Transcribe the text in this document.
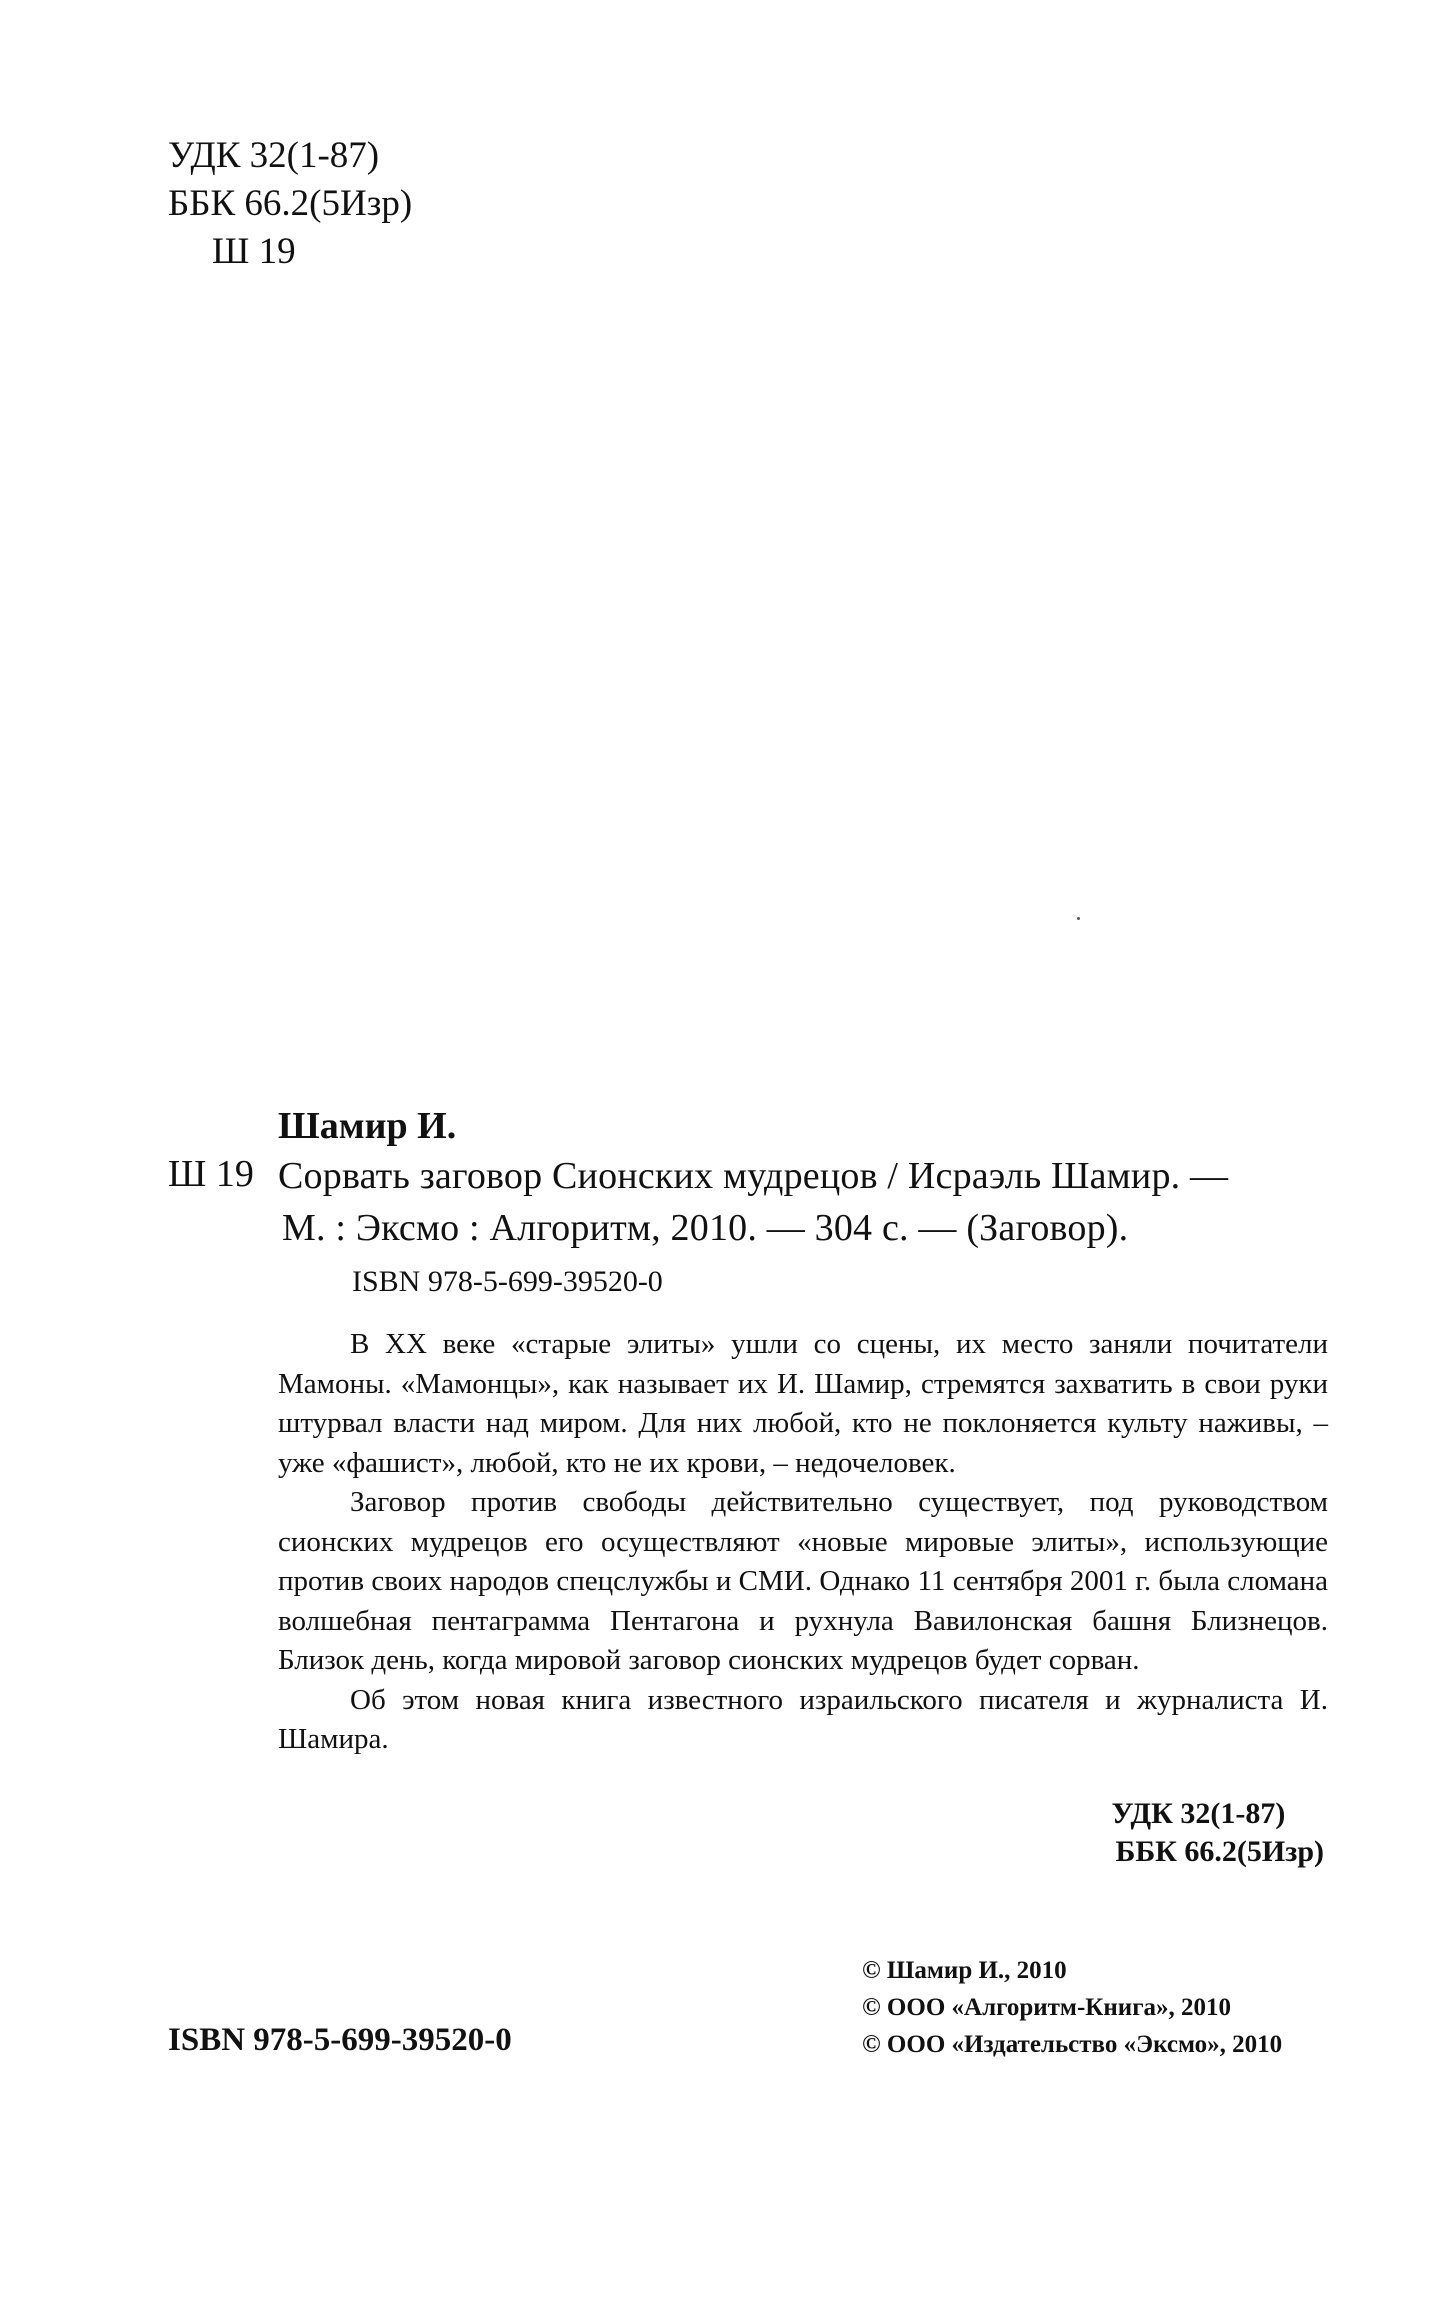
УДК 32(1-87)
ББК 66.2(5Изр)
Ш 19
Шамир И.
Ш 19 Сорвать заговор Сионских мудрецов / Исраэль Шамир. —
М. : Эксмо : Алгоритм, 2010. — 304 с. — (Заговор).
ISBN 978-5-699-39520-0

В XX веке «старые элиты» ушли со сцены, их место заняли почитатели Мамоны. «Мамонцы», как называет их И. Шамир, стремятся захватить в свои руки штурвал власти над миром. Для них любой, кто не поклоняется культу наживы, – уже «фашист», любой, кто не их крови, – недочеловек.

Заговор против свободы действительно существует, под руководством сионских мудрецов его осуществляют «новые мировые элиты», использующие против своих народов спецслужбы и СМИ. Однако 11 сентября 2001 г. была сломана волшебная пентаграмма Пентагона и рухнула Вавилонская башня Близнецов. Близок день, когда мировой заговор сионских мудрецов будет сорван.

Об этом новая книга известного израильского писателя и журналиста И. Шамира.

УДК 32(1-87)
ББК 66.2(5Изр)
ISBN 978-5-699-39520-0
© Шамир И., 2010
© ООО «Алгоритм-Книга», 2010
© ООО «Издательство «Эксмо», 2010
